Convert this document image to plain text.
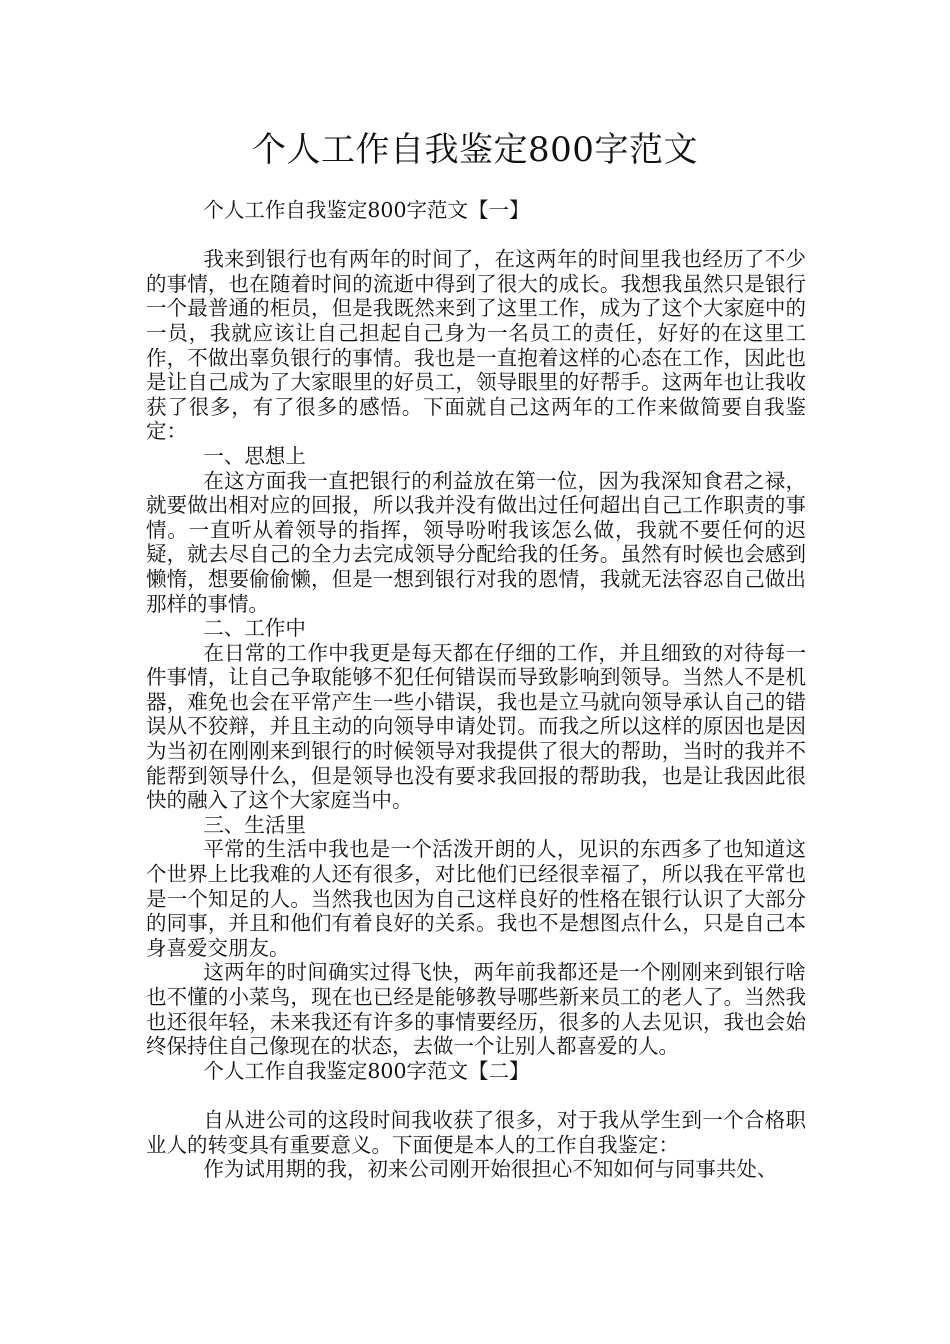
个人工作自我鉴定800字范文

个人工作自我鉴定800字范文【一】

我来到银行也有两年的时间了，在这两年的时间里我也经历了不少的事情，也在随着时间的流逝中得到了很大的成长。我想我虽然只是银行一个最普通的柜员，但是我既然来到了这里工作，成为了这个大家庭中的一员，我就应该让自己担起自己身为一名员工的责任，好好的在这里工作，不做出辜负银行的事情。我也是一直抱着这样的心态在工作，因此也是让自己成为了大家眼里的好员工，领导眼里的好帮手。这两年也让我收获了很多，有了很多的感悟。下面就自己这两年的工作来做简要自我鉴定：

一、思想上

在这方面我一直把银行的利益放在第一位，因为我深知食君之禄，就要做出相对应的回报，所以我并没有做出过任何超出自己工作职责的事情。一直听从着领导的指挥，领导吩咐我该怎么做，我就不要任何的迟疑，就去尽自己的全力去完成领导分配给我的任务。虽然有时候也会感到懒惰，想要偷偷懒，但是一想到银行对我的恩情，我就无法容忍自己做出那样的事情。

二、工作中

在日常的工作中我更是每天都在仔细的工作，并且细致的对待每一件事情，让自己争取能够不犯任何错误而导致影响到领导。当然人不是机器，难免也会在平常产生一些小错误，我也是立马就向领导承认自己的错误从不狡辩，并且主动的向领导申请处罚。而我之所以这样的原因也是因为当初在刚刚来到银行的时候领导对我提供了很大的帮助，当时的我并不能帮到领导什么，但是领导也没有要求我回报的帮助我，也是让我因此很快的融入了这个大家庭当中。

三、生活里

平常的生活中我也是一个活泼开朗的人，见识的东西多了也知道这个世界上比我难的人还有很多，对比他们已经很幸福了，所以我在平常也是一个知足的人。当然我也因为自己这样良好的性格在银行认识了大部分的同事，并且和他们有着良好的关系。我也不是想图点什么，只是自己本身喜爱交朋友。

这两年的时间确实过得飞快，两年前我都还是一个刚刚来到银行啥也不懂的小菜鸟，现在也已经是能够教导哪些新来员工的老人了。当然我也还很年轻，未来我还有许多的事情要经历，很多的人去见识，我也会始终保持住自己像现在的状态，去做一个让别人都喜爱的人。

个人工作自我鉴定800字范文【二】

自从进公司的这段时间我收获了很多，对于我从学生到一个合格职业人的转变具有重要意义。下面便是本人的工作自我鉴定：

作为试用期的我，初来公司刚开始很担心不知如何与同事共处、
